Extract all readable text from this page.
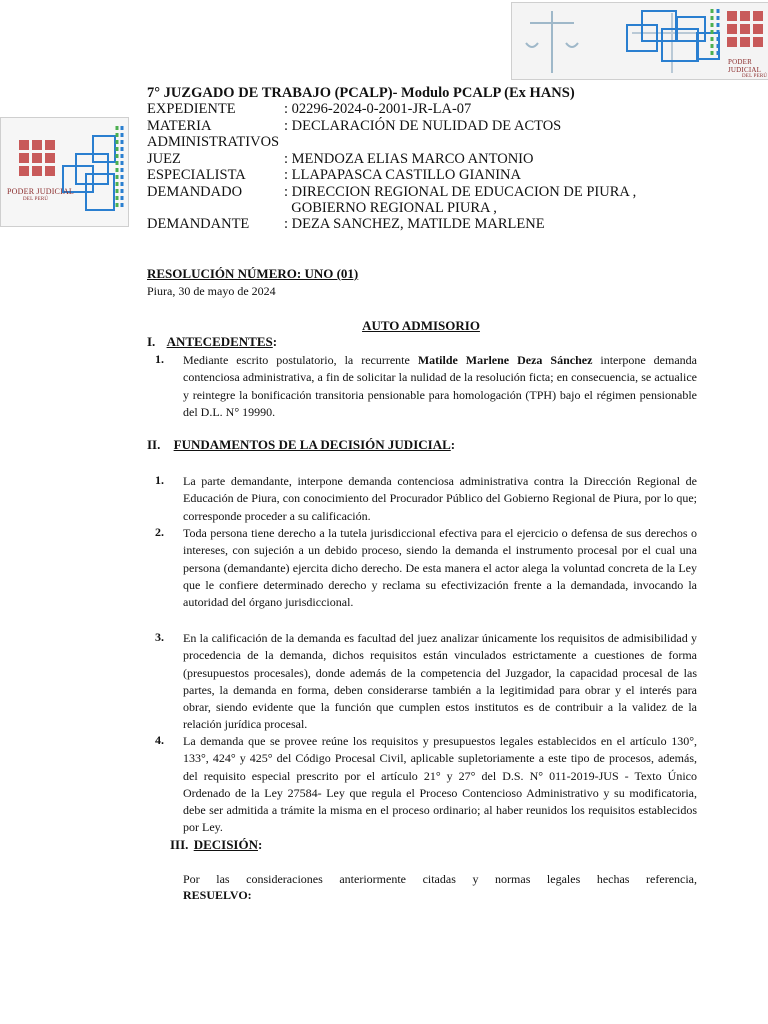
PODER JUDICIAL
DEL PERÚ
PODER JUDICIAL
DEL PERÚ
7° JUZGADO DE TRABAJO (PCALP)- Modulo PCALP (Ex HANS)
EXPEDIENTE	: 02296-2024-0-2001-JR-LA-07
MATERIA	: DECLARACIÓN DE NULIDAD DE ACTOS
ADMINISTRATIVOS
JUEZ	: MENDOZA ELIAS MARCO ANTONIO
ESPECIALISTA	: LLAPAPASCA CASTILLO GIANINA
DEMANDADO	: DIRECCION REGIONAL DE EDUCACION DE PIURA ,
GOBIERNO REGIONAL PIURA ,
DEMANDANTE : DEZA SANCHEZ, MATILDE MARLENE
RESOLUCIÓN NÚMERO: UNO (01)
Piura, 30 de mayo de 2024
AUTO ADMISORIO
I. ANTECEDENTES:
1. Mediante escrito postulatorio, la recurrente Matilde Marlene Deza Sánchez interpone demanda contenciosa administrativa, a fin de solicitar la nulidad de la resolución ficta; en consecuencia, se actualice y reintegre la bonificación transitoria pensionable para homologación (TPH) bajo el régimen pensionable del D.L. N° 19990.
II. FUNDAMENTOS DE LA DECISIÓN JUDICIAL:
1. La parte demandante, interpone demanda contenciosa administrativa contra la Dirección Regional de Educación de Piura, con conocimiento del Procurador Público del Gobierno Regional de Piura, por lo que; corresponde proceder a su calificación.
2. Toda persona tiene derecho a la tutela jurisdiccional efectiva para el ejercicio o defensa de sus derechos o intereses, con sujeción a un debido proceso, siendo la demanda el instrumento procesal por el cual una persona (demandante) ejercita dicho derecho. De esta manera el actor alega la voluntad concreta de la Ley que le confiere determinado derecho y reclama su efectivización frente a la demandada, invocando la autoridad del órgano jurisdiccional.
3. En la calificación de la demanda es facultad del juez analizar únicamente los requisitos de admisibilidad y procedencia de la demanda, dichos requisitos están vinculados estrictamente a cuestiones de forma (presupuestos procesales), donde además de la competencia del Juzgador, la capacidad procesal de las partes, la demanda en forma, deben considerarse también a la legitimidad para obrar y el interés para obrar, siendo evidente que la función que cumplen estos institutos es de contribuir a la validez de la relación jurídica procesal.
4. La demanda que se provee reúne los requisitos y presupuestos legales establecidos en el artículo 130°, 133°, 424° y 425° del Código Procesal Civil, aplicable supletoriamente a este tipo de procesos, además, del requisito especial prescrito por el artículo 21° y 27° del D.S. N° 011-2019-JUS - Texto Único Ordenado de la Ley 27584- Ley que regula el Proceso Contencioso Administrativo y su modificatoria, debe ser admitida a trámite la misma en el proceso ordinario; al haber reunidos los requisitos establecidos por Ley.
III. DECISIÓN:
Por las consideraciones anteriormente citadas y normas legales hechas referencia,
RESUELVO:
